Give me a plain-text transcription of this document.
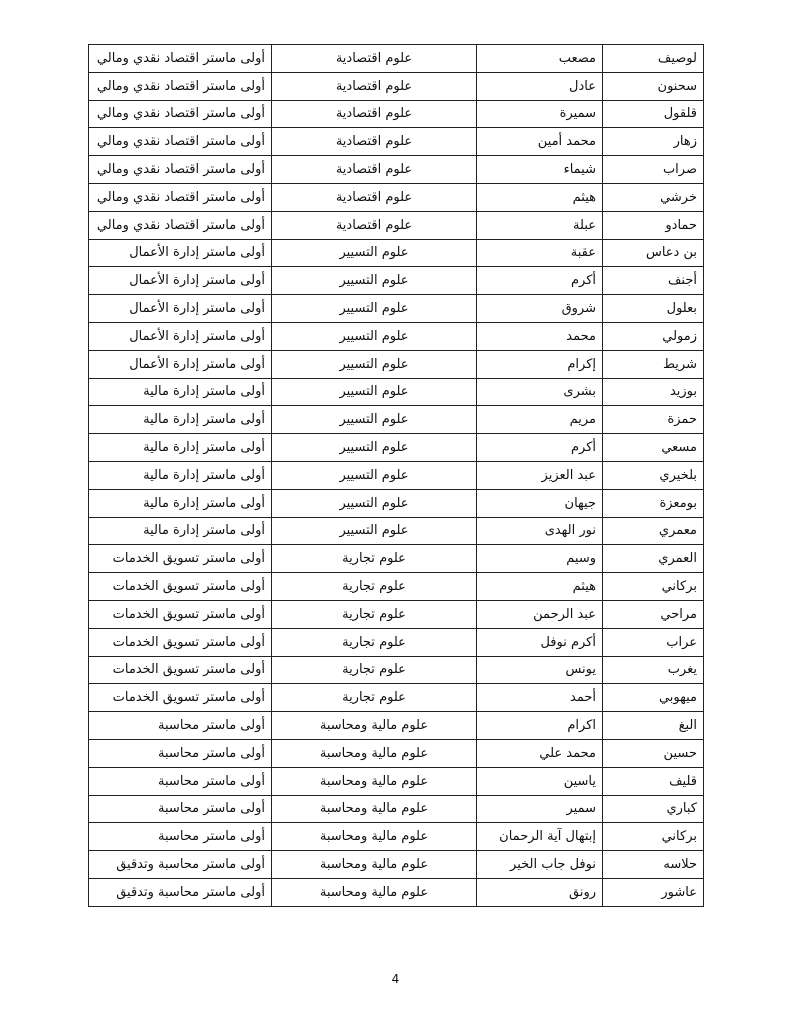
لوصيف	مصعب	علوم اقتصادية	أولى ماستر اقتصاد نقدي ومالي
سحنون	عادل	علوم اقتصادية	أولى ماستر اقتصاد نقدي ومالي
قلقول	سميرة	علوم اقتصادية	أولى ماستر اقتصاد نقدي ومالي
زهار	محمد أمين	علوم اقتصادية	أولى ماستر اقتصاد نقدي ومالي
صراب	شيماء	علوم اقتصادية	أولى ماستر اقتصاد نقدي ومالي
خرشي	هيثم	علوم اقتصادية	أولى ماستر اقتصاد نقدي ومالي
حمادو	عبلة	علوم اقتصادية	أولى ماستر اقتصاد نقدي ومالي
بن دعاس	عقبة	علوم التسيير	أولى ماستر إدارة الأعمال
أجنف	أكرم	علوم التسيير	أولى ماستر إدارة الأعمال
بعلول	شروق	علوم التسيير	أولى ماستر إدارة الأعمال
زمولي	محمد	علوم التسيير	أولى ماستر إدارة الأعمال
شريط	إكرام	علوم التسيير	أولى ماستر إدارة الأعمال
بوزيد	بشرى	علوم التسيير	أولى ماستر إدارة مالية
حمزة	مريم	علوم التسيير	أولى ماستر إدارة مالية
مسعي	أكرم	علوم التسيير	أولى ماستر إدارة مالية
بلخيري	عبد العزيز	علوم التسيير	أولى ماستر إدارة مالية
بومعزة	جيهان	علوم التسيير	أولى ماستر إدارة مالية
معمري	نور الهدى	علوم التسيير	أولى ماستر إدارة مالية
العمري	وسيم	علوم تجارية	أولى ماستر تسويق الخدمات
بركاني	هيثم	علوم تجارية	أولى ماستر تسويق الخدمات
مراحي	عبد الرحمن	علوم تجارية	أولى ماستر تسويق الخدمات
عراب	أكرم نوفل	علوم تجارية	أولى ماستر تسويق الخدمات
يغرب	يونس	علوم تجارية	أولى ماستر تسويق الخدمات
ميهوبي	أحمد	علوم تجارية	أولى ماستر تسويق الخدمات
البغ	اكرام	علوم مالية ومحاسبة	أولى ماستر محاسبة
حسين	محمد علي	علوم مالية ومحاسبة	أولى ماستر محاسبة
قليف	ياسين	علوم مالية ومحاسبة	أولى ماستر محاسبة
كباري	سمير	علوم مالية ومحاسبة	أولى ماستر محاسبة
بركاني	إبتهال آية الرحمان	علوم مالية ومحاسبة	أولى ماستر محاسبة
حلاسه	نوفل جاب الخير	علوم مالية ومحاسبة	أولى ماستر محاسبة وتدقيق
عاشور	رونق	علوم مالية ومحاسبة	أولى ماستر محاسبة وتدقيق
4
